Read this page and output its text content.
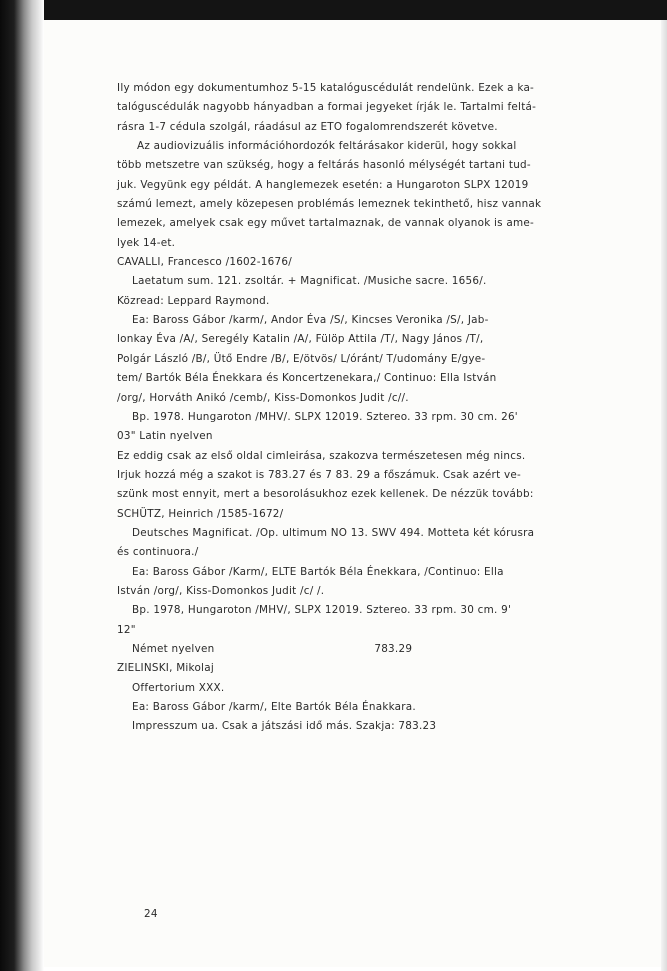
Ily módon egy dokumentumhoz 5-15 katalóguscédulát rendelünk. Ezek a ka-
talóguscédulák nagyobb hányadban a formai jegyeket írják le. Tartalmi feltá-
rásra 1-7 cédula szolgál, ráadásul az ETO fogalomrendszerét követve.
Az audiovizuális információhordozók feltárásakor kiderül, hogy sokkal
több metszetre van szükség, hogy a feltárás hasonló mélységét tartani tud-
juk. Vegyünk egy példát. A hanglemezek esetén: a Hungaroton SLPX 12019
számú lemezt, amely közepesen problémás lemeznek tekinthető, hisz vannak
lemezek, amelyek csak egy művet tartalmaznak, de vannak olyanok is ame-
lyek 14-et.
CAVALLI, Francesco /1602-1676/
Laetatum sum. 121. zsoltár. + Magnificat. /Musiche sacre. 1656/.
Közread: Leppard Raymond.
Ea: Baross Gábor /karm/, Andor Éva /S/, Kincses Veronika /S/, Jab-
lonkay Éva /A/, Seregély Katalin /A/, Fülöp Attila /T/, Nagy János /T/,
Polgár László /B/, Ütő Endre /B/, E/ötvös/ L/óránt/ T/udomány E/gye-
tem/ Bartók Béla Énekkara és Koncertzenekara,/ Continuo: Ella István
/org/, Horváth Anikó /cemb/, Kiss-Domonkos Judit /c//.
Bp. 1978. Hungaroton /MHV/. SLPX 12019. Sztereo. 33 rpm. 30 cm. 26'
03" Latin nyelven
Ez eddig csak az első oldal cimleirása, szakozva természetesen még nincs.
Irjuk hozzá még a szakot is 783.27 és 7 83. 29 a főszámuk. Csak azért ve-
szünk most ennyit, mert a besorolásukhoz ezek kellenek. De nézzük tovább:
SCHÜTZ, Heinrich /1585-1672/
Deutsches Magnificat. /Op. ultimum NO 13. SWV 494. Motteta két kórusra
és continuora./
Ea: Baross Gábor /Karm/, ELTE Bartók Béla Énekkara, /Continuo: Ella
István /org/, Kiss-Domonkos Judit /c/ /.
Bp. 1978, Hungaroton /MHV/, SLPX 12019. Sztereo. 33 rpm. 30 cm. 9'
12"
Német nyelven                                             783.29
ZIELINSKI, Mikolaj
Offertorium XXX.
Ea: Baross Gábor /karm/, Elte Bartók Béla Énakkara.
Impresszum ua. Csak a játszási idő más. Szakja: 783.23
24
